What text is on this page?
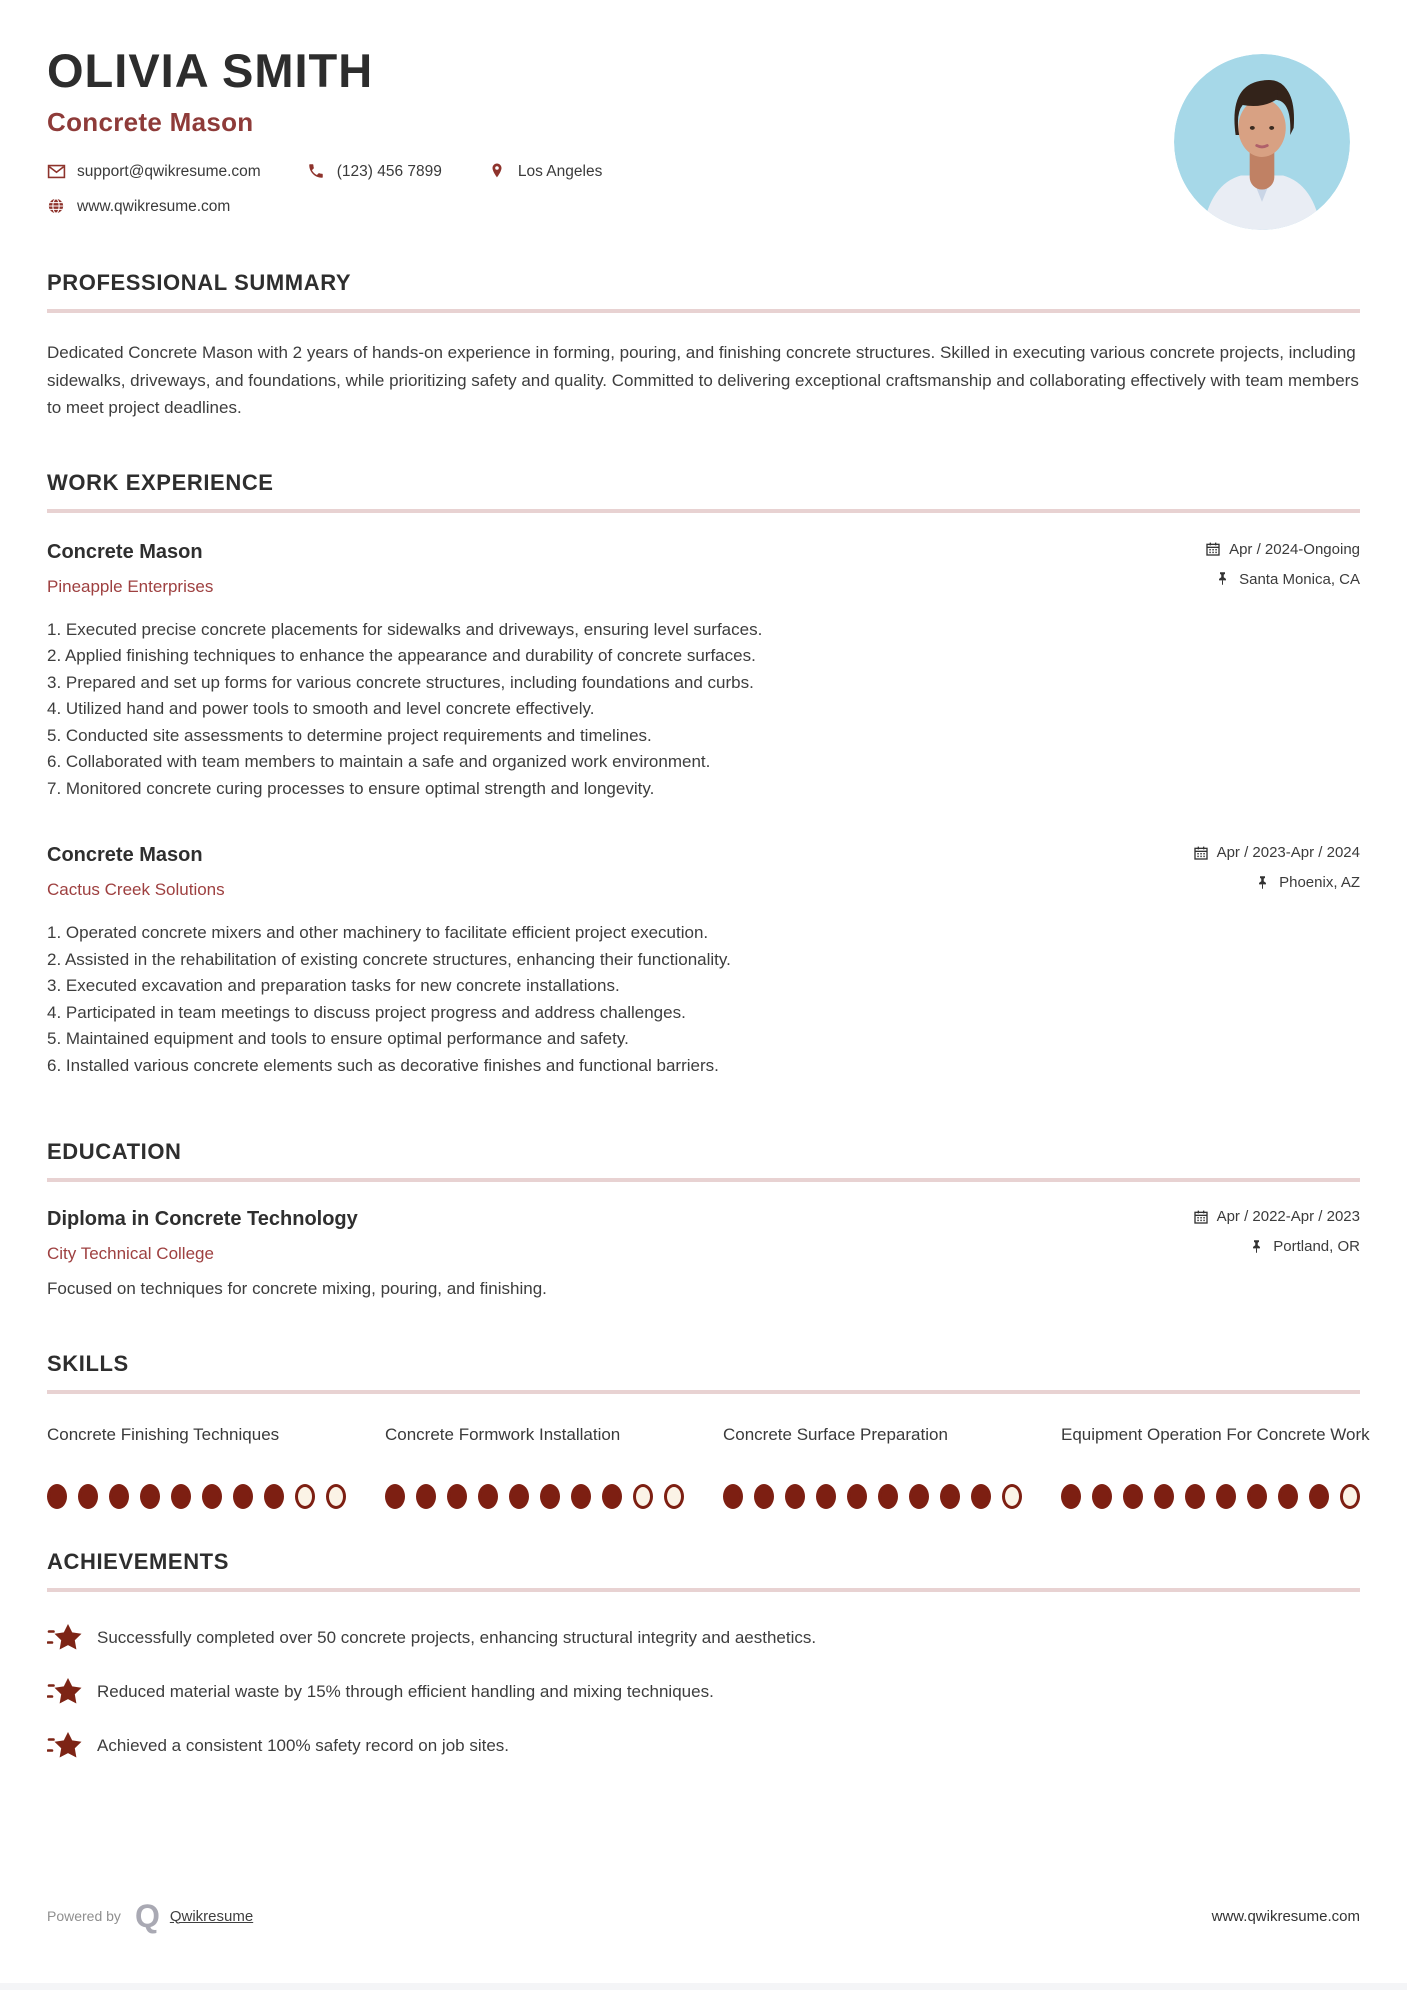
OLIVIA SMITH
Concrete Mason
support@qwikresume.com	(123) 456 7899	Los Angeles
www.qwikresume.com
PROFESSIONAL SUMMARY
Dedicated Concrete Mason with 2 years of hands-on experience in forming, pouring, and finishing concrete structures. Skilled in executing various concrete projects, including sidewalks, driveways, and foundations, while prioritizing safety and quality. Committed to delivering exceptional craftsmanship and collaborating effectively with team members to meet project deadlines.
WORK EXPERIENCE
Concrete Mason
Pineapple Enterprises
Apr / 2024-Ongoing
Santa Monica, CA
1. Executed precise concrete placements for sidewalks and driveways, ensuring level surfaces.
2. Applied finishing techniques to enhance the appearance and durability of concrete surfaces.
3. Prepared and set up forms for various concrete structures, including foundations and curbs.
4. Utilized hand and power tools to smooth and level concrete effectively.
5. Conducted site assessments to determine project requirements and timelines.
6. Collaborated with team members to maintain a safe and organized work environment.
7. Monitored concrete curing processes to ensure optimal strength and longevity.
Concrete Mason
Cactus Creek Solutions
Apr / 2023-Apr / 2024
Phoenix, AZ
1. Operated concrete mixers and other machinery to facilitate efficient project execution.
2. Assisted in the rehabilitation of existing concrete structures, enhancing their functionality.
3. Executed excavation and preparation tasks for new concrete installations.
4. Participated in team meetings to discuss project progress and address challenges.
5. Maintained equipment and tools to ensure optimal performance and safety.
6. Installed various concrete elements such as decorative finishes and functional barriers.
EDUCATION
Diploma in Concrete Technology
City Technical College
Focused on techniques for concrete mixing, pouring, and finishing.
Apr / 2022-Apr / 2023
Portland, OR
SKILLS
Concrete Finishing Techniques	Concrete Formwork Installation	Concrete Surface Preparation	Equipment Operation For Concrete Work
ACHIEVEMENTS
Successfully completed over 50 concrete projects, enhancing structural integrity and aesthetics.
Reduced material waste by 15% through efficient handling and mixing techniques.
Achieved a consistent 100% safety record on job sites.
Powered by Q Qwikresume	www.qwikresume.com
